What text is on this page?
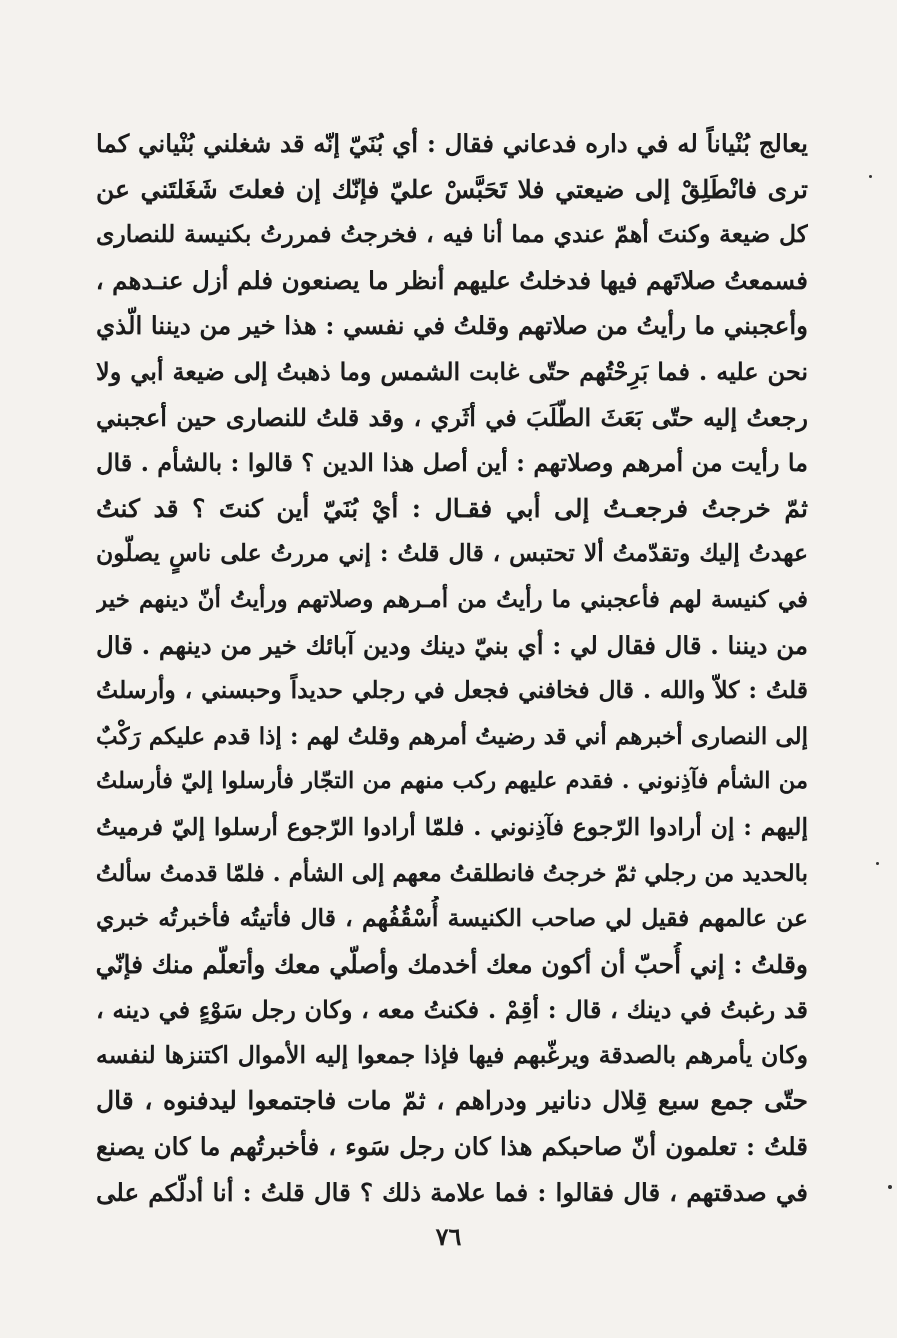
يعالج بُنْياناً له في داره فدعاني فقال : أي بُنَيّ إنّه قد شغلني بُنْياني كما
ترى فانْطَلِقْ إلى ضيعتي فلا تَحَبَّسْ عليّ فإنّك إن فعلتَ شَغَلتَني عن
كل ضيعة وكنتَ أهمّ عندي مما أنا فيه ، فخرجتُ فمررتُ بكنيسة للنصارى
فسمعتُ صلاتَهم فيها فدخلتُ عليهم أنظر ما يصنعون فلم أزل عنـدهم ،
وأعجبني ما رأيتُ من صلاتهم وقلتُ في نفسي : هذا خير من ديننا الّذي
نحن عليه . فما بَرِحْتُهم حتّى غابت الشمس وما ذهبتُ إلى ضيعة أبي ولا
رجعتُ إليه حتّى بَعَثَ الطّلَبَ في أثَري ، وقد قلتُ للنصارى حين أعجبني
ما رأيت من أمرهم وصلاتهم : أين أصل هذا الدين ؟ قالوا : بالشأم . قال
ثمّ خرجتُ فرجعـتُ إلى أبي فقـال : أيْ بُنَيّ أين كنتَ ؟ قد كنتُ
عهدتُ إليك وتقدّمتُ ألا تحتبس ، قال قلتُ : إني مررتُ على ناسٍ يصلّون
في كنيسة لهم فأعجبني ما رأيتُ من أمـرهم وصلاتهم ورأيتُ أنّ دينهم خير
من ديننا . قال فقال لي : أي بنيّ دينك ودين آبائك خير من دينهم . قال
قلتُ : كلاّ والله . قال فخافني فجعل في رجلي حديداً وحبسني ، وأرسلتُ
إلى النصارى أخبرهم أني قد رضيتُ أمرهم وقلتُ لهم : إذا قدم عليكم رَكْبٌ
من الشأم فآذِنوني . فقدم عليهم ركب منهم من التجّار فأرسلوا إليّ فأرسلتُ
إليهم : إن أرادوا الرّجوع فآذِنوني . فلمّا أرادوا الرّجوع أرسلوا إليّ فرميتُ
بالحديد من رجلي ثمّ خرجتُ فانطلقتُ معهم إلى الشأم . فلمّا قدمتُ سألتُ
عن عالمهم فقيل لي صاحب الكنيسة أُسْقُفُهم ، قال فأتيتُه فأخبرتُه خبري
وقلتُ : إني أُحبّ أن أكون معك أخدمك وأصلّي معك وأتعلّم منك فإنّي
قد رغبتُ في دينك ، قال : أقِمْ . فكنتُ معه ، وكان رجل سَوْءٍ في دينه ،
وكان يأمرهم بالصدقة ويرغّبهم فيها فإذا جمعوا إليه الأموال اكتنزها لنفسه
حتّى جمع سبع قِلال دنانير ودراهم ، ثمّ مات فاجتمعوا ليدفنوه ، قال
قلتُ : تعلمون أنّ صاحبكم هذا كان رجل سَوء ، فأخبرتُهم ما كان يصنع
في صدقتهم ، قال فقالوا : فما علامة ذلك ؟ قال قلتُ : أنا أدلّكم على
٧٦
